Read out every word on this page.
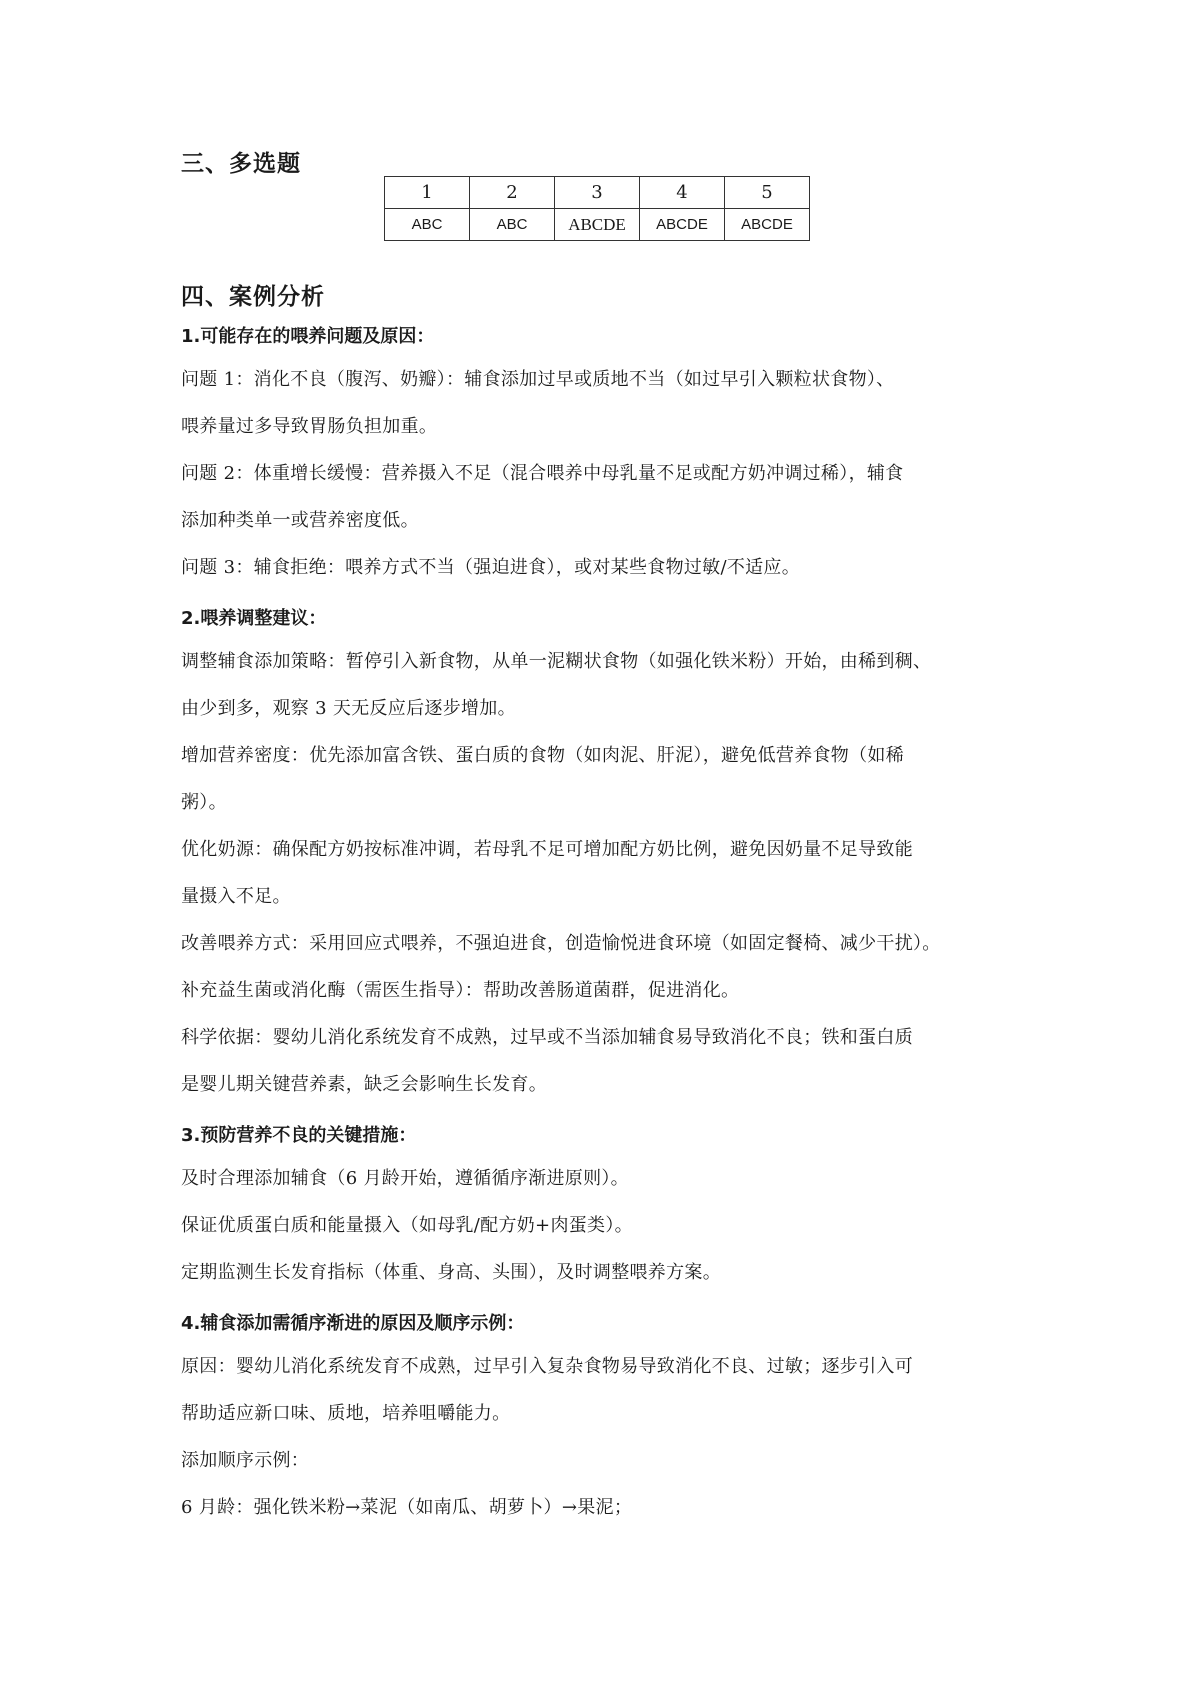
三、多选题
1	2	3	4	5
ABC	ABC	ABCDE	ABCDE	ABCDE
四、案例分析
1.可能存在的喂养问题及原因：

问题 1：消化不良（腹泻、奶瓣）：辅食添加过早或质地不当（如过早引入颗粒状食物）、

喂养量过多导致胃肠负担加重。

问题 2：体重增长缓慢：营养摄入不足（混合喂养中母乳量不足或配方奶冲调过稀），辅食

添加种类单一或营养密度低。

问题 3：辅食拒绝：喂养方式不当（强迫进食），或对某些食物过敏/不适应。

2.喂养调整建议：

调整辅食添加策略：暂停引入新食物，从单一泥糊状食物（如强化铁米粉）开始，由稀到稠、

由少到多，观察 3 天无反应后逐步增加。

增加营养密度：优先添加富含铁、蛋白质的食物（如肉泥、肝泥），避免低营养食物（如稀

粥）。

优化奶源：确保配方奶按标准冲调，若母乳不足可增加配方奶比例，避免因奶量不足导致能

量摄入不足。

改善喂养方式：采用回应式喂养，不强迫进食，创造愉悦进食环境（如固定餐椅、减少干扰）。

补充益生菌或消化酶（需医生指导）：帮助改善肠道菌群，促进消化。

科学依据：婴幼儿消化系统发育不成熟，过早或不当添加辅食易导致消化不良；铁和蛋白质

是婴儿期关键营养素，缺乏会影响生长发育。

3.预防营养不良的关键措施：

及时合理添加辅食（6 月龄开始，遵循循序渐进原则）。

保证优质蛋白质和能量摄入（如母乳/配方奶+肉蛋类）。

定期监测生长发育指标（体重、身高、头围），及时调整喂养方案。

4.辅食添加需循序渐进的原因及顺序示例：

原因：婴幼儿消化系统发育不成熟，过早引入复杂食物易导致消化不良、过敏；逐步引入可

帮助适应新口味、质地，培养咀嚼能力。

添加顺序示例：

6 月龄：强化铁米粉→菜泥（如南瓜、胡萝卜）→果泥；
